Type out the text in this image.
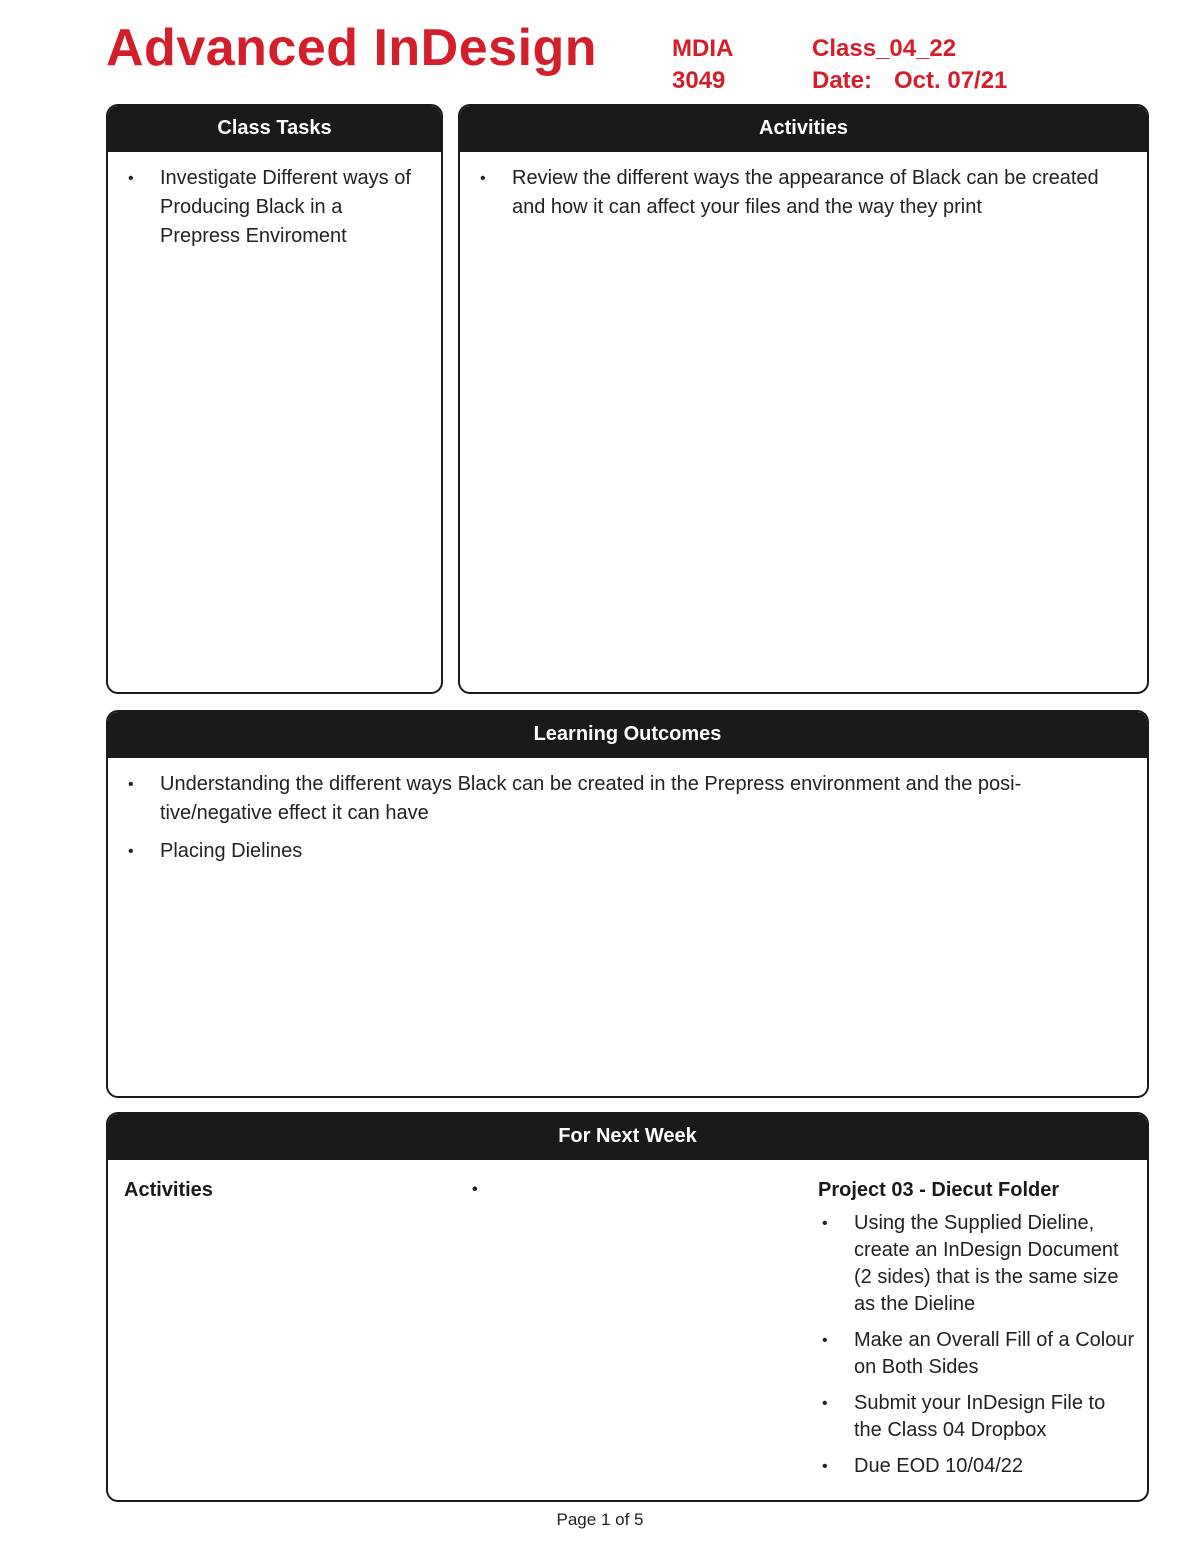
Advanced InDesign	MDIA
3049
Class_04_22
Date: Oct. 07/21
Class Tasks
• Investigate Different ways of Producing Black in a Prepress Enviroment
Activities
• Review the different ways the appearance of Black can be created and how it can affect your files and the way they print
Learning Outcomes
• Understanding the different ways Black can be created in the Prepress environment and the posi-tive/negative effect it can have
• Placing Dielines
For Next Week
Activities	•	Project 03 - Diecut Folder
• Using the Supplied Dieline, create an InDesign Document (2 sides) that is the same size as the Dieline
• Make an Overall Fill of a Colour on Both Sides
• Submit your InDesign File to the Class 04 Dropbox
• Due EOD 10/04/22
Page 1 of 5
